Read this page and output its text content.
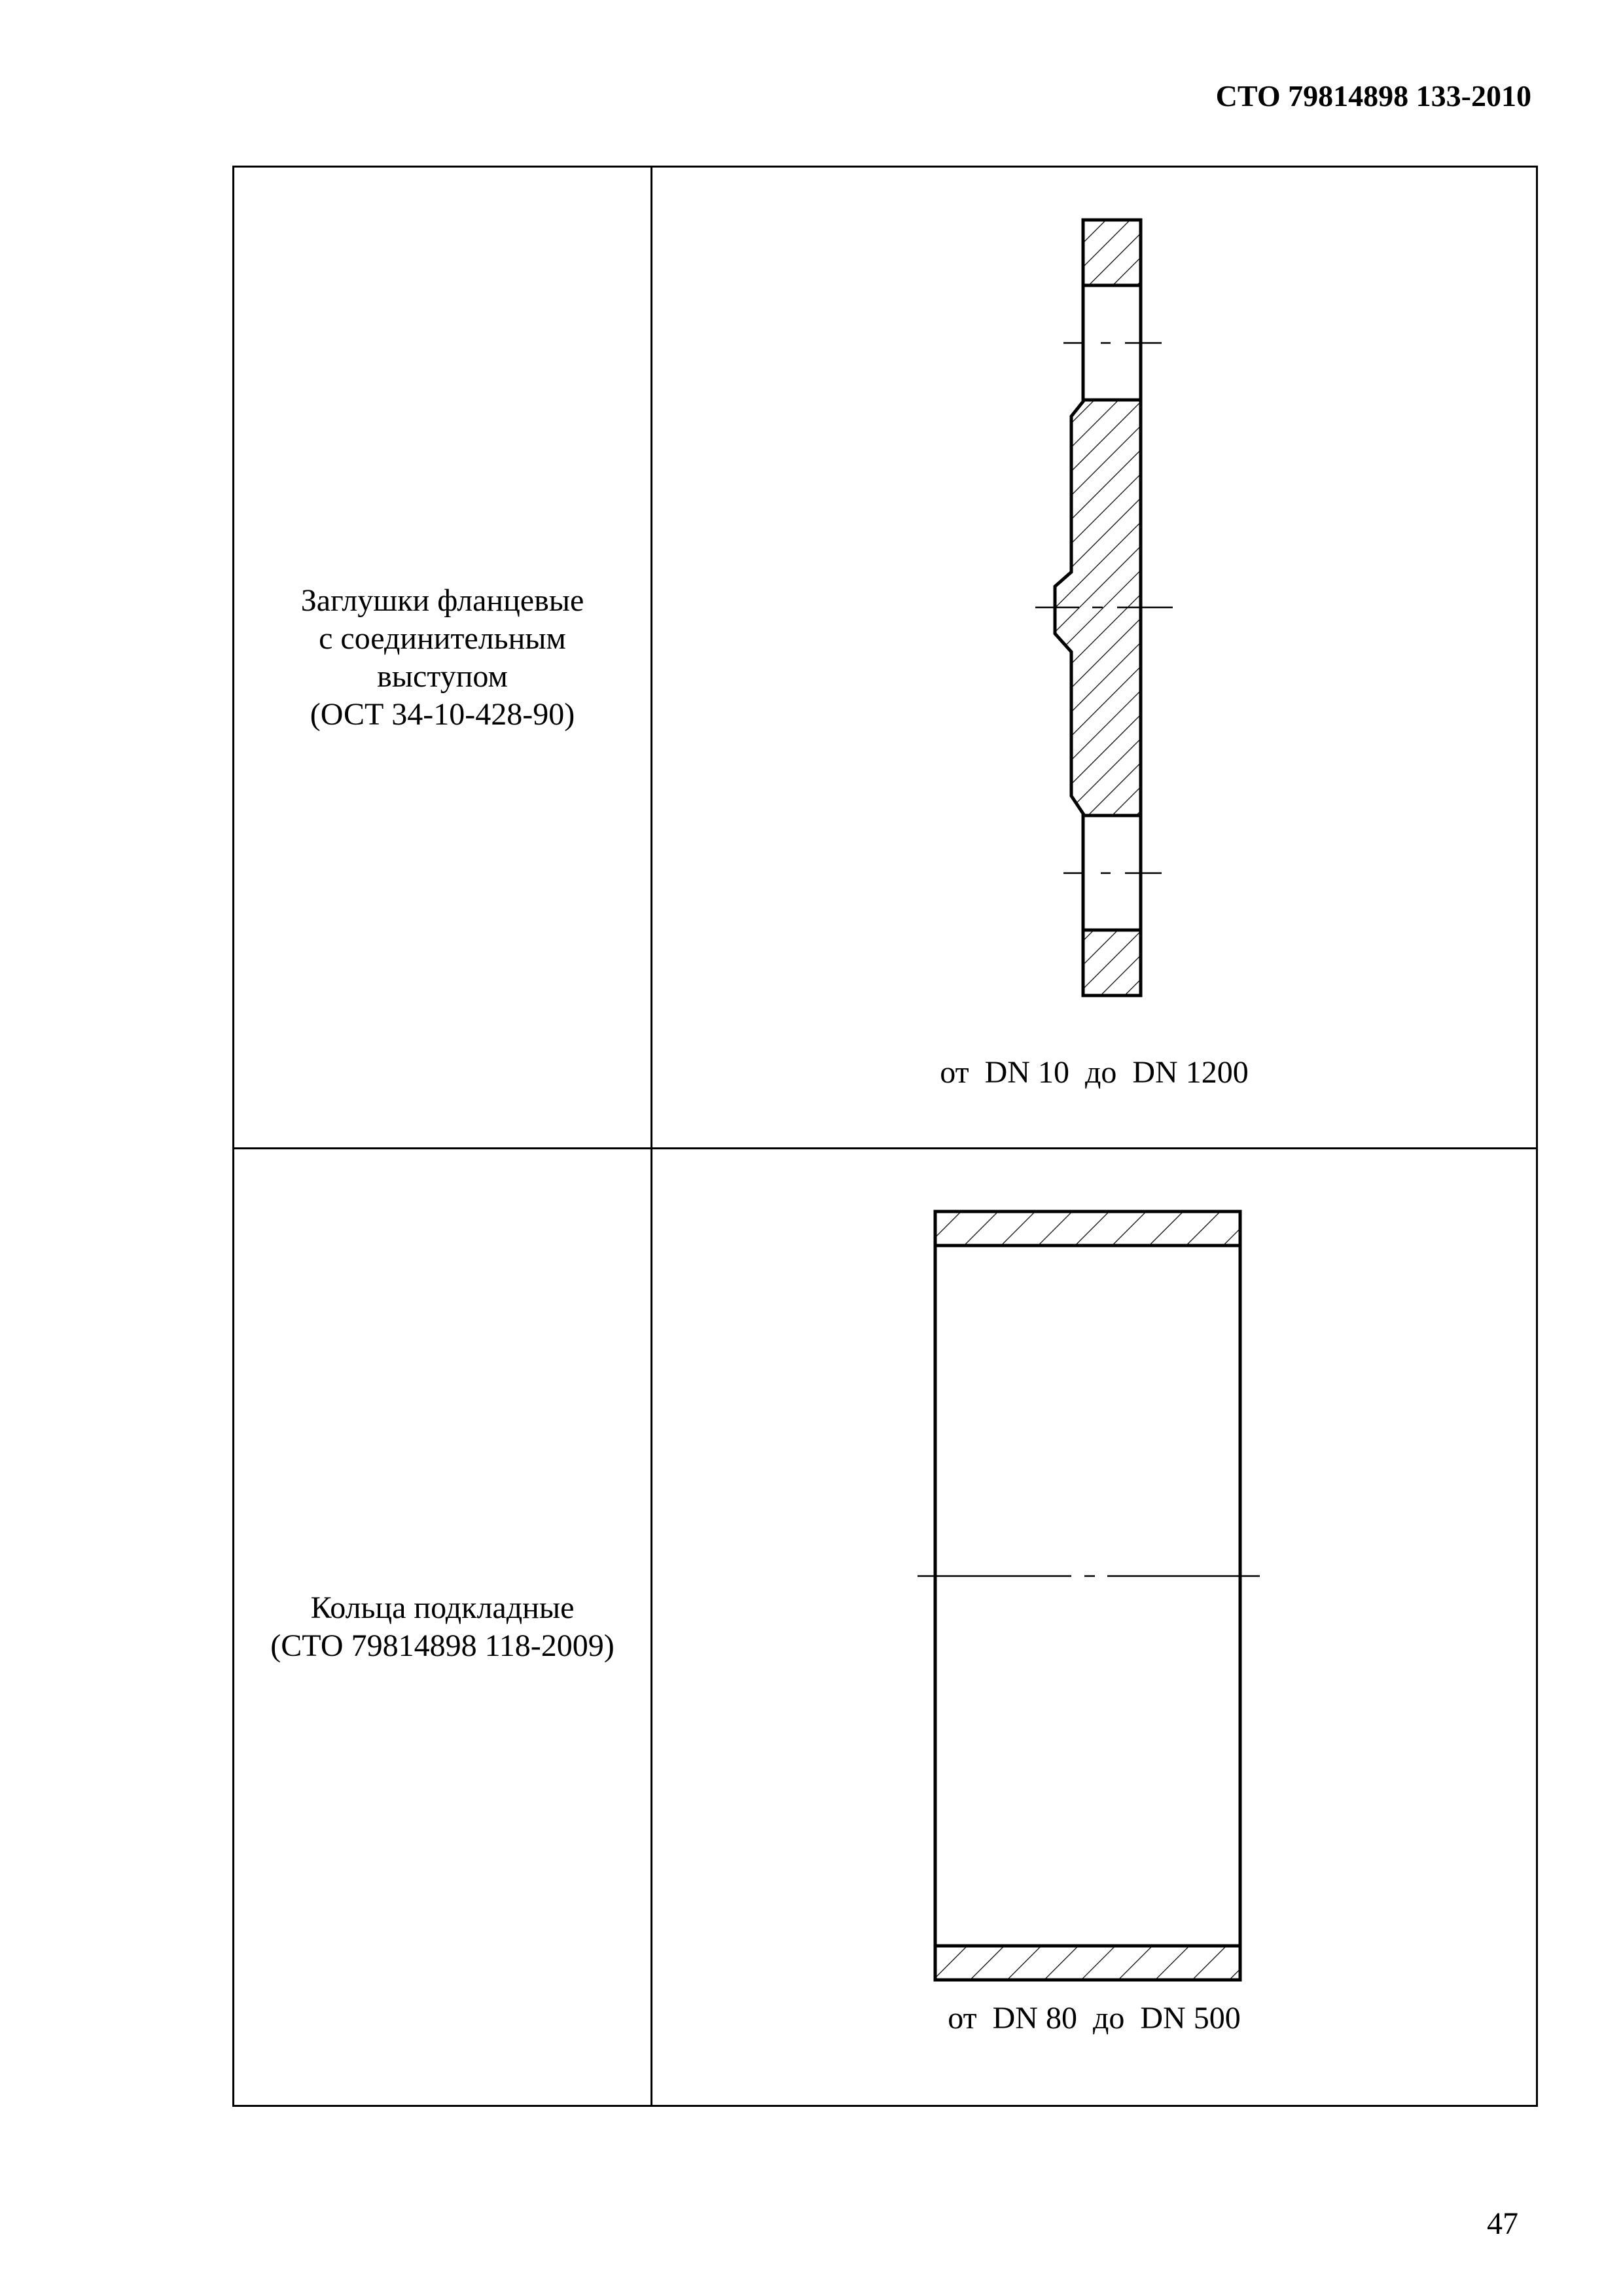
СТО 79814898 133-2010
Заглушки фланцевые
с соединительным
выступом
(ОСТ 34-10-428-90)	от  DN 10  до  DN 1200

Кольца подкладные
(СТО 79814898 118-2009)	от  DN 80  до  DN 500
47
